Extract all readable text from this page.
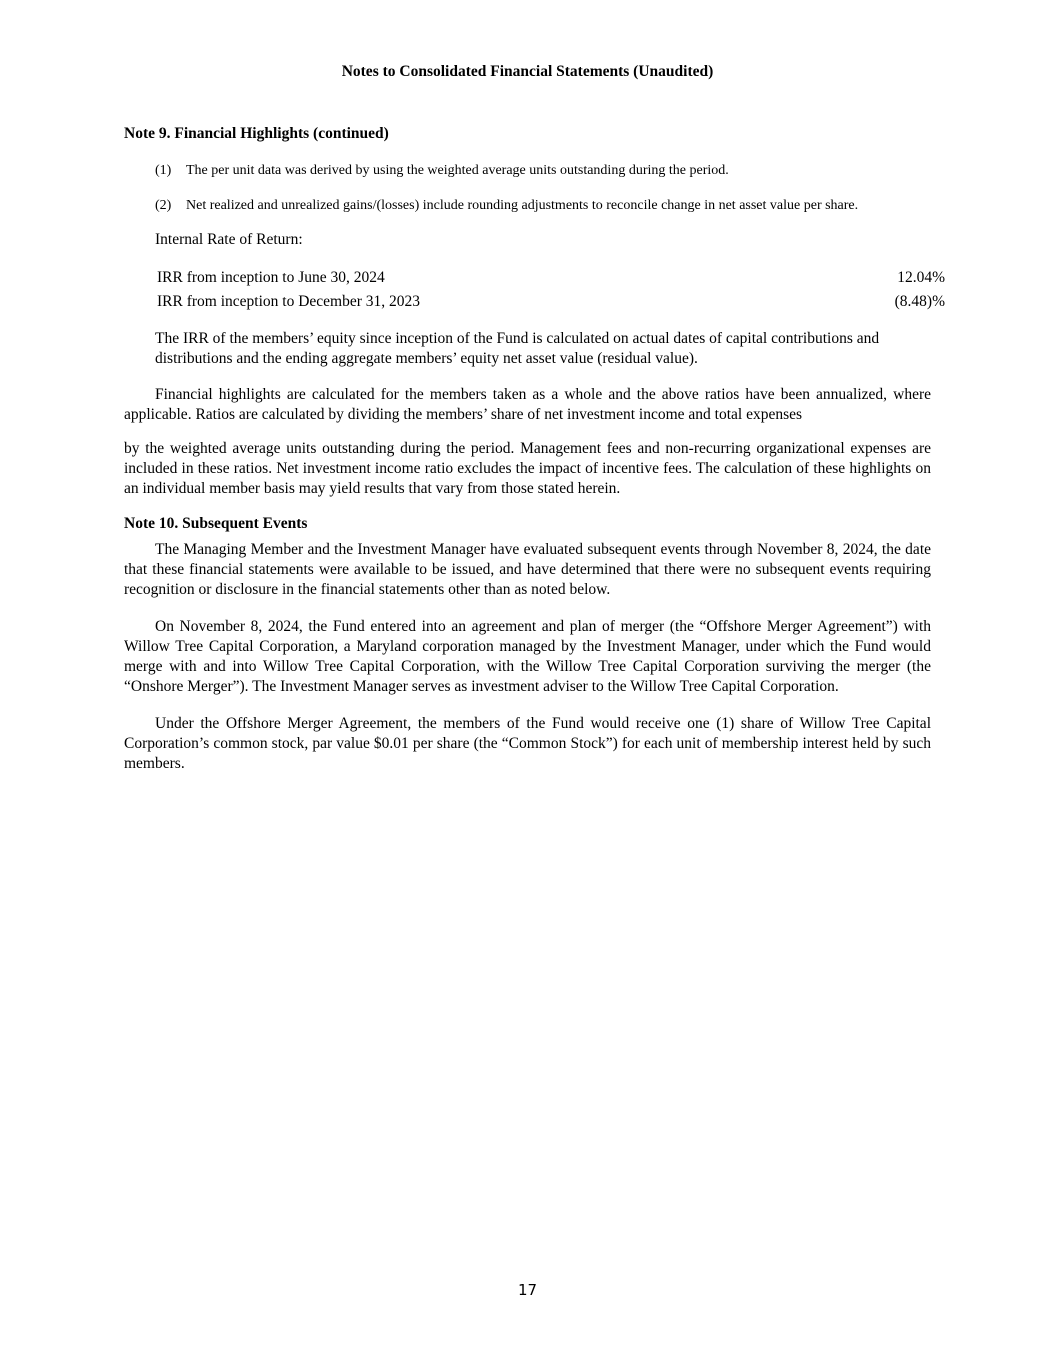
Notes to Consolidated Financial Statements (Unaudited)

Note 9. Financial Highlights (continued)

(1) The per unit data was derived by using the weighted average units outstanding during the period.
(2) Net realized and unrealized gains/(losses) include rounding adjustments to reconcile change in net asset value per share.
Internal Rate of Return:
IRR from inception to June 30, 2024	12.04%
IRR from inception to December 31, 2023	(8.48)%

The IRR of the members’ equity since inception of the Fund is calculated on actual dates of capital contributions and distributions and the ending aggregate members’ equity net asset value (residual value).

Financial highlights are calculated for the members taken as a whole and the above ratios have been annualized, where applicable. Ratios are calculated by dividing the members’ share of net investment income and total expenses

by the weighted average units outstanding during the period. Management fees and non-recurring organizational expenses are included in these ratios. Net investment income ratio excludes the impact of incentive fees. The calculation of these highlights on an individual member basis may yield results that vary from those stated herein.

Note 10. Subsequent Events

The Managing Member and the Investment Manager have evaluated subsequent events through November 8, 2024, the date that these financial statements were available to be issued, and have determined that there were no subsequent events requiring recognition or disclosure in the financial statements other than as noted below.

On November 8, 2024, the Fund entered into an agreement and plan of merger (the “Offshore Merger Agreement”) with Willow Tree Capital Corporation, a Maryland corporation managed by the Investment Manager, under which the Fund would merge with and into Willow Tree Capital Corporation, with the Willow Tree Capital Corporation surviving the merger (the “Onshore Merger”). The Investment Manager serves as investment adviser to the Willow Tree Capital Corporation.

Under the Offshore Merger Agreement, the members of the Fund would receive one (1) share of Willow Tree Capital Corporation’s common stock, par value $0.01 per share (the “Common Stock”) for each unit of membership interest held by such members.

17
